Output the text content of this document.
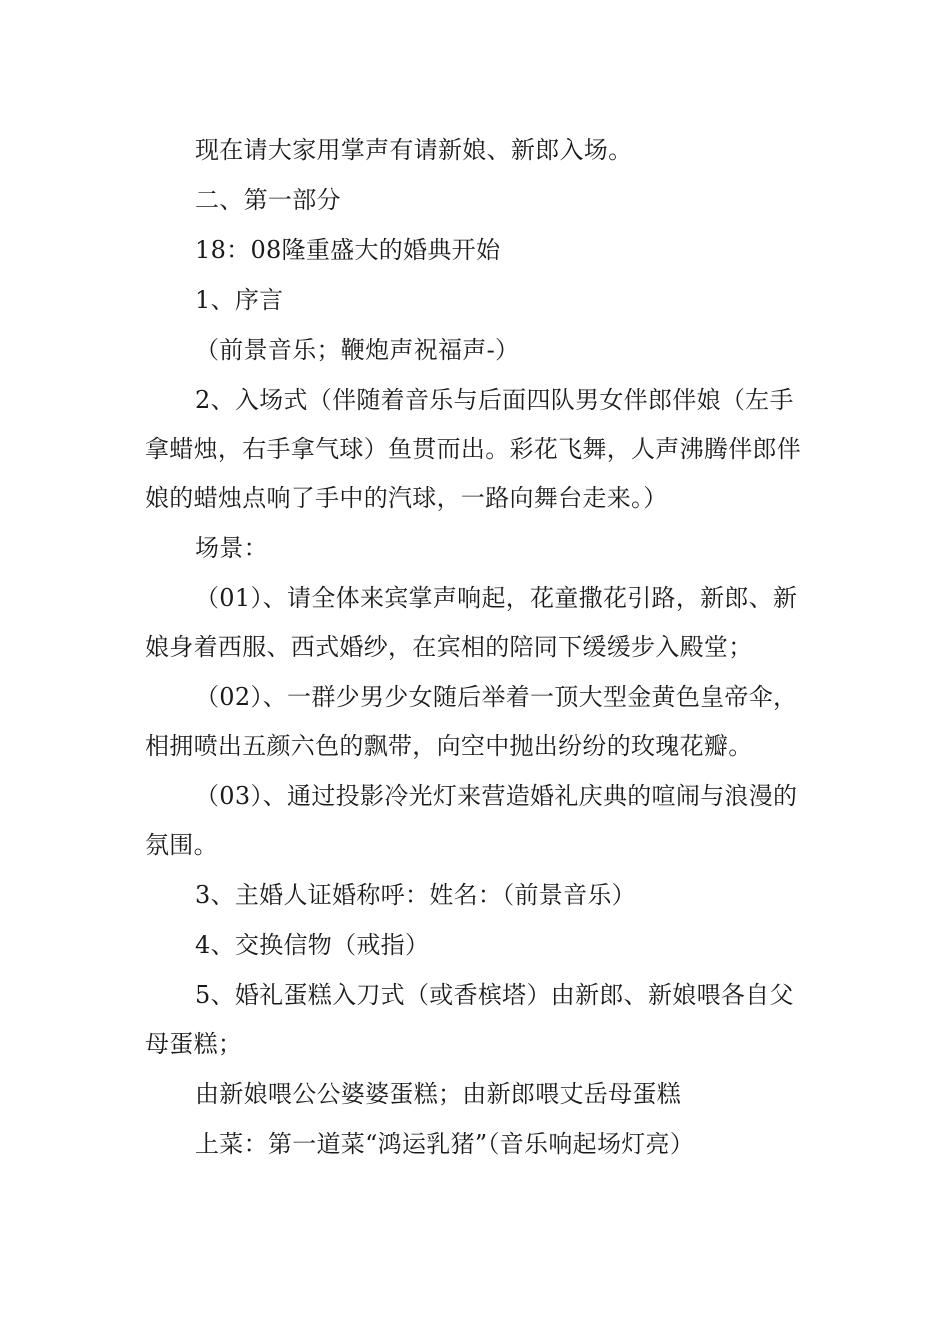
现在请大家用掌声有请新娘、新郎入场。

二、第一部分

18：08隆重盛大的婚典开始

1、序言

（前景音乐；鞭炮声祝福声-）

2、入场式（伴随着音乐与后面四队男女伴郎伴娘（左手拿蜡烛，右手拿气球）鱼贯而出。彩花飞舞，人声沸腾伴郎伴娘的蜡烛点响了手中的汽球，一路向舞台走来。）

场景：

（01）、请全体来宾掌声响起，花童撒花引路，新郎、新娘身着西服、西式婚纱，在宾相的陪同下缓缓步入殿堂；

（02）、一群少男少女随后举着一顶大型金黄色皇帝伞，相拥喷出五颜六色的飘带，向空中抛出纷纷的玫瑰花瓣。

（03）、通过投影冷光灯来营造婚礼庆典的喧闹与浪漫的氛围。

3、主婚人证婚称呼：姓名：（前景音乐）

4、交换信物（戒指）

5、婚礼蛋糕入刀式（或香槟塔）由新郎、新娘喂各自父母蛋糕；

由新娘喂公公婆婆蛋糕；由新郎喂丈岳母蛋糕

上菜：第一道菜“鸿运乳猪”（音乐响起场灯亮）
